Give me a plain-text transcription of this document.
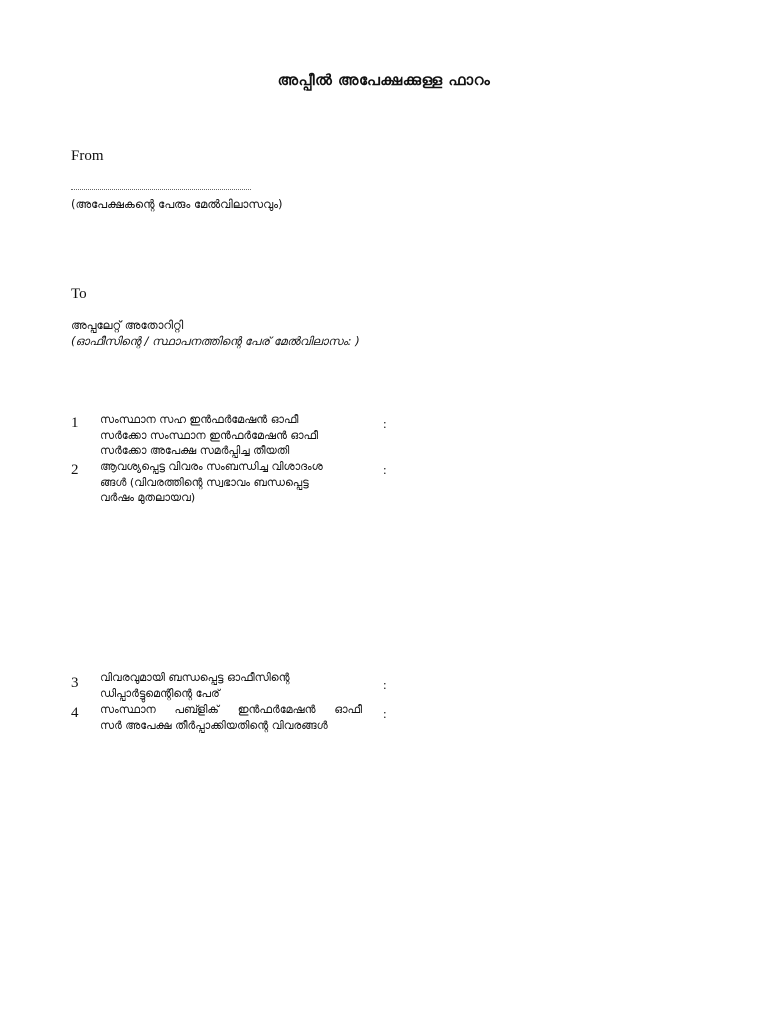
അപ്പീൽ അപേക്ഷക്കുള്ള ഫാറം
From
(അപേക്ഷകന്റെ പേരും മേൽവിലാസവും)
To
അപ്പലേറ്റ് അതോറിറ്റി
(ഓഫീസിന്റെ / സ്ഥാപനത്തിന്റെ പേര് മേൽവിലാസം: )
1 സംസ്ഥാന സഹ ഇൻഫർമേഷൻ ഓഫീ
സർക്കോ സംസ്ഥാന ഇൻഫർമേഷൻ ഓഫീ
സർക്കോ അപേക്ഷ സമർപ്പിച്ച തീയതി
:
2 ആവശ്യപ്പെട്ട വിവരം സംബന്ധിച്ച വിശാദംശ
ങ്ങൾ (വിവരത്തിന്റെ സ്വഭാവം ബന്ധപ്പെട്ട
വർഷം മുതലായവ)
:
3 വിവരവുമായി ബന്ധപ്പെട്ട ഓഫീസിന്റെ
ഡിപ്പാർട്ടുമെന്റിന്റെ പേര്
:
4 സംസ്ഥാന പബ്ളിക് ഇൻഫർമേഷൻ ഓഫീ
സർ അപേക്ഷ തീർപ്പാക്കിയതിന്റെ വിവരങ്ങൾ
:
